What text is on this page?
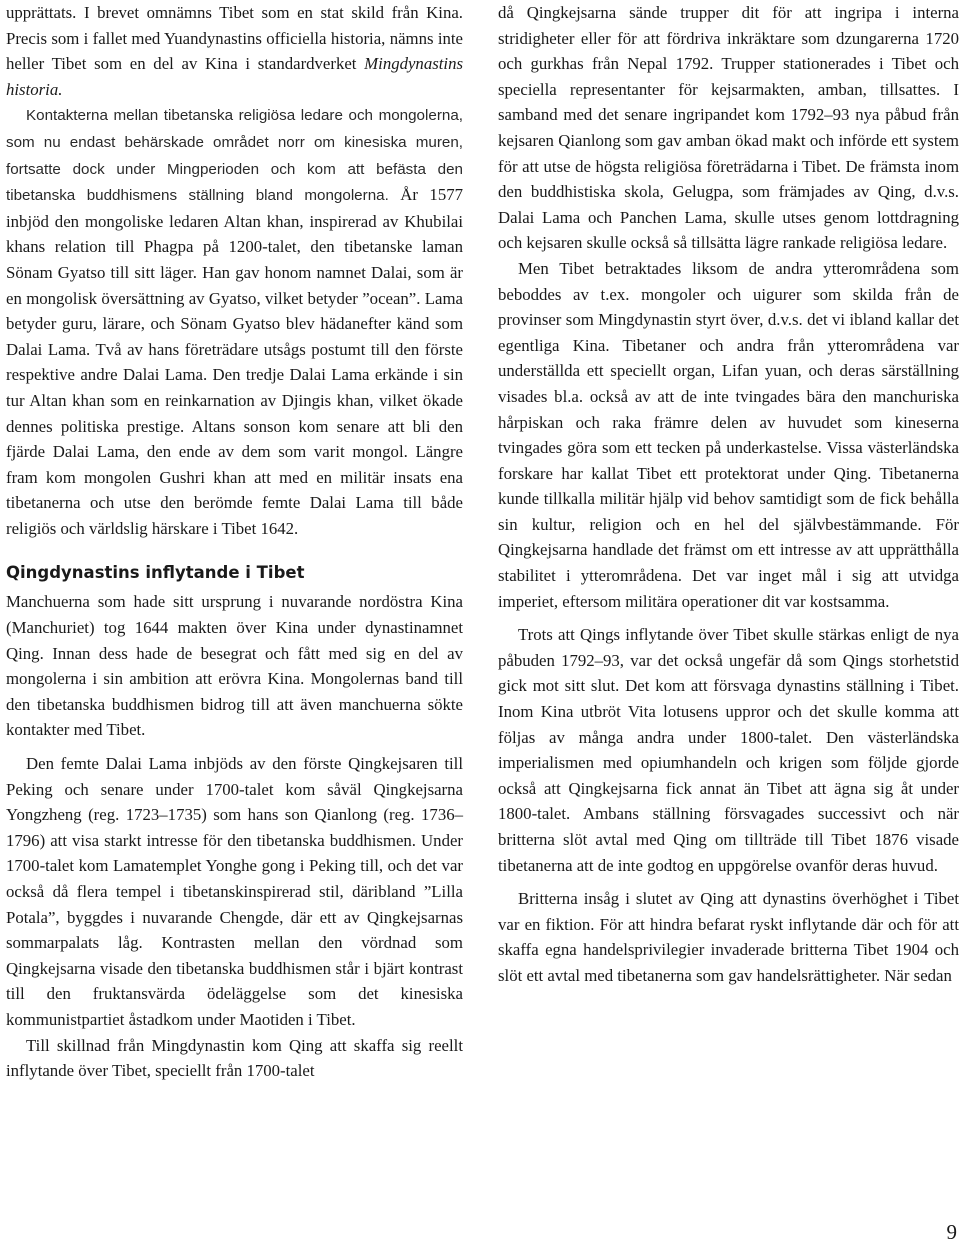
upprättats. I brevet omnämns Tibet som en stat skild från Kina. Precis som i fallet med Yuandynastins officiella historia, nämns inte heller Tibet som en del av Kina i standardverket Mingdynastins historia.

Kontakterna mellan tibetanska religiösa ledare och mongolerna, som nu endast behärskade området norr om kinesiska muren, fortsatte dock under Mingperioden och kom att befästa den tibetanska buddhismens ställning bland mongolerna. År 1577 inbjöd den mongoliske ledaren Altan khan, inspirerad av Khubilai khans relation till Phagpa på 1200-talet, den tibetanske laman Sönam Gyatso till sitt läger. Han gav honom namnet Dalai, som är en mongolisk översättning av Gyatso, vilket betyder ”ocean”. Lama betyder guru, lärare, och Sönam Gyatso blev hädanefter känd som Dalai Lama. Två av hans företrädare utsågs postumt till den förste respektive andre Dalai Lama. Den tredje Dalai Lama erkände i sin tur Altan khan som en reinkarnation av Djingis khan, vilket ökade dennes politiska prestige. Altans sonson kom senare att bli den fjärde Dalai Lama, den ende av dem som varit mongol. Längre fram kom mongolen Gushri khan att med en militär insats ena tibetanerna och utse den berömde femte Dalai Lama till både religiös och världslig härskare i Tibet 1642.

Qingdynastins inflytande i Tibet

Manchuerna som hade sitt ursprung i nuvarande nordöstra Kina (Manchuriet) tog 1644 makten över Kina under dynastinamnet Qing. Innan dess hade de besegrat och fått med sig en del av mongolerna i sin ambition att erövra Kina. Mongolernas band till den tibetanska buddhismen bidrog till att även manchuerna sökte kontakter med Tibet.

Den femte Dalai Lama inbjöds av den förste Qingkejsaren till Peking och senare under 1700-talet kom såväl Qingkejsarna Yongzheng (reg. 1723–1735) som hans son Qianlong (reg. 1736–1796) att visa starkt intresse för den tibetanska buddhismen. Under 1700-talet kom Lamatemplet Yonghe gong i Peking till, och det var också då flera tempel i tibetanskinspirerad stil, däribland ”Lilla Potala”, byggdes i nuvarande Chengde, där ett av Qingkejsarnas sommarpalats låg. Kontrasten mellan den vördnad som Qingkejsarna visade den tibetanska buddhismen står i bjärt kontrast till den fruktansvärda ödeläggelse som det kinesiska kommunistpartiet åstadkom under Maotiden i Tibet.

Till skillnad från Mingdynastin kom Qing att skaffa sig reellt inflytande över Tibet, speciellt från 1700-talet

då Qingkejsarna sände trupper dit för att ingripa i interna stridigheter eller för att fördriva inkräktare som dzungarerna 1720 och gurkhas från Nepal 1792. Trupper stationerades i Tibet och speciella representanter för kejsarmakten, amban, tillsattes. I samband med det senare ingripandet kom 1792–93 nya påbud från kejsaren Qianlong som gav amban ökad makt och införde ett system för att utse de högsta religiösa företrädarna i Tibet. De främsta inom den buddhistiska skola, Gelugpa, som främjades av Qing, d.v.s. Dalai Lama och Panchen Lama, skulle utses genom lottdragning och kejsaren skulle också så tillsätta lägre rankade religiösa ledare.

Men Tibet betraktades liksom de andra ytterområdena som beboddes av t.ex. mongoler och uigurer som skilda från de provinser som Mingdynastin styrt över, d.v.s. det vi ibland kallar det egentliga Kina. Tibetaner och andra från ytterområdena var underställda ett speciellt organ, Lifan yuan, och deras särställning visades bl.a. också av att de inte tvingades bära den manchuriska hårpiskan och raka främre delen av huvudet som kineserna tvingades göra som ett tecken på underkastelse. Vissa västerländska forskare har kallat Tibet ett protektorat under Qing. Tibetanerna kunde tillkalla militär hjälp vid behov samtidigt som de fick behålla sin kultur, religion och en hel del självbestämmande. För Qingkejsarna handlade det främst om ett intresse av att upprätthålla stabilitet i ytterområdena. Det var inget mål i sig att utvidga imperiet, eftersom militära operationer dit var kostsamma.

Trots att Qings inflytande över Tibet skulle stärkas enligt de nya påbuden 1792–93, var det också ungefär då som Qings storhetstid gick mot sitt slut. Det kom att försvaga dynastins ställning i Tibet. Inom Kina utbröt Vita lotusens uppror och det skulle komma att följas av många andra under 1800-talet. Den västerländska imperialismen med opiumhandeln och krigen som följde gjorde också att Qingkejsarna fick annat än Tibet att ägna sig åt under 1800-talet. Ambans ställning försvagades successivt och när britterna slöt avtal med Qing om tillträde till Tibet 1876 visade tibetanerna att de inte godtog en uppgörelse ovanför deras huvud.

Britterna insåg i slutet av Qing att dynastins överhöghet i Tibet var en fiktion. För att hindra befarat ryskt inflytande där och för att skaffa egna handelsprivilegier invaderade britterna Tibet 1904 och slöt ett avtal med tibetanerna som gav handelsrättigheter. När sedan

9
